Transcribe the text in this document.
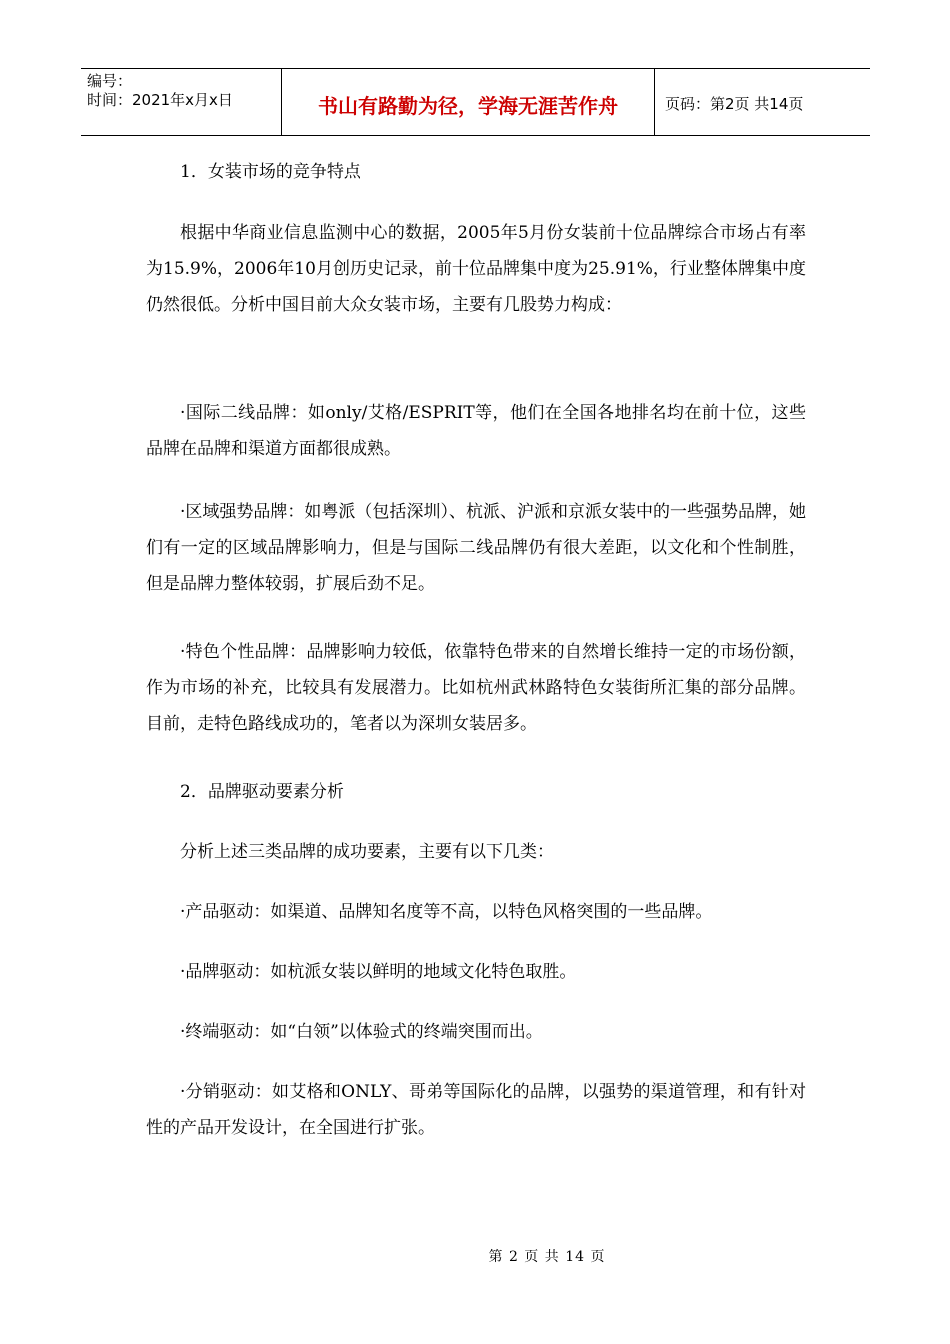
编号：
时间：2021年x月x日	书山有路勤为径，学海无涯苦作舟	页码：第2页 共14页

1．女装市场的竞争特点

根据中华商业信息监测中心的数据，2005年5月份女装前十位品牌综合市场占有率为15.9%，2006年10月创历史记录，前十位品牌集中度为25.91%，行业整体牌集中度仍然很低。分析中国目前大众女装市场，主要有几股势力构成：

·国际二线品牌：如only/艾格/ESPRIT等，他们在全国各地排名均在前十位，这些品牌在品牌和渠道方面都很成熟。

·区域强势品牌：如粤派（包括深圳）、杭派、沪派和京派女装中的一些强势品牌，她们有一定的区域品牌影响力，但是与国际二线品牌仍有很大差距，以文化和个性制胜，但是品牌力整体较弱，扩展后劲不足。

·特色个性品牌：品牌影响力较低，依靠特色带来的自然增长维持一定的市场份额，作为市场的补充，比较具有发展潜力。比如杭州武林路特色女装街所汇集的部分品牌。目前，走特色路线成功的，笔者以为深圳女装居多。

2．品牌驱动要素分析

分析上述三类品牌的成功要素，主要有以下几类：

·产品驱动：如渠道、品牌知名度等不高，以特色风格突围的一些品牌。

·品牌驱动：如杭派女装以鲜明的地域文化特色取胜。

·终端驱动：如“白领”以体验式的终端突围而出。

·分销驱动：如艾格和ONLY、哥弟等国际化的品牌，以强势的渠道管理，和有针对性的产品开发设计，在全国进行扩张。

第 2 页 共 14 页
